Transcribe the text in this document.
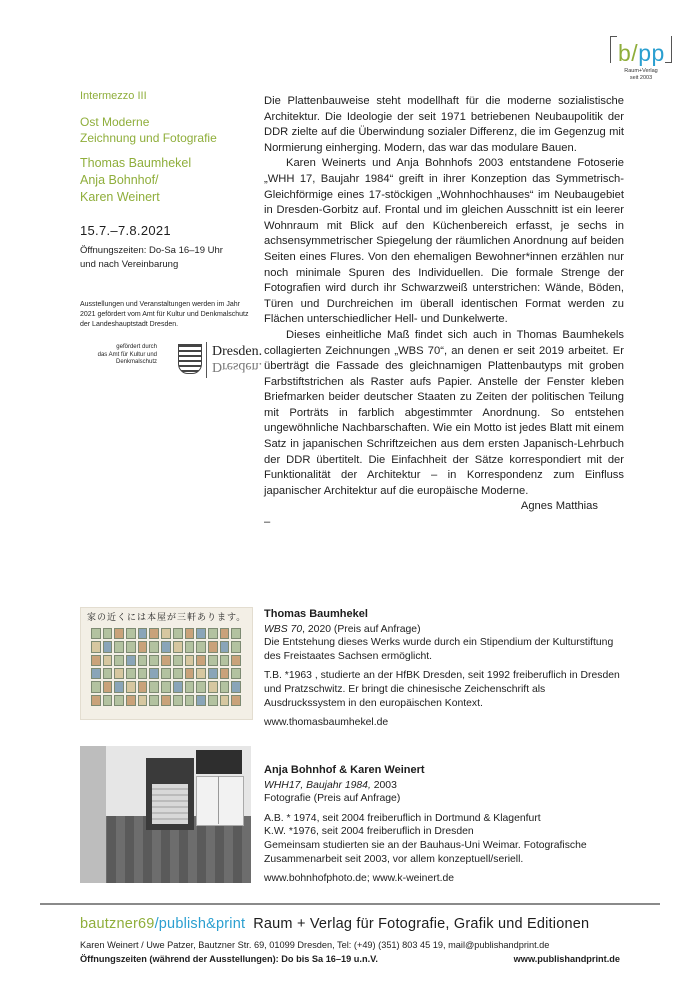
b/pp
Raum+Verlag
seit 2003
Intermezzo III
Ost Moderne
Zeichnung und Fotografie
Thomas Baumhekel
Anja Bohnhof/
Karen Weinert
15.7.–7.8.2021
Öffnungszeiten: Do-Sa 16–19 Uhr
und nach Vereinbarung
Ausstellungen und Veranstaltungen werden im Jahr 2021 gefördert vom Amt für Kultur und Denkmalschutz der Landeshauptstadt Dresden.
gefördert durch
das Amt für Kultur und
Denkmalschutz
Dresden.
Dresden.

Die Plattenbauweise steht modellhaft für die moderne sozialistische Architektur. Die Ideologie der seit 1971 betriebenen Neubaupolitik der DDR zielte auf die Überwindung sozialer Differenz, die im Gegenzug mit Normierung einherging. Modern, das war das modulare Bauen.

Karen Weinerts und Anja Bohnhofs 2003 entstandene Fotoserie „WHH 17, Baujahr 1984“ greift in ihrer Konzeption das Symmetrisch-Gleichförmige eines 17-stöckigen „Wohnhochhauses“ im Neubaugebiet in Dresden-Gorbitz auf. Frontal und im gleichen Ausschnitt ist ein leerer Wohnraum mit Blick auf den Küchenbereich erfasst, je sechs in achsensymmetrischer Spiegelung der räumlichen Anordnung auf beiden Seiten eines Flures. Von den ehemaligen Bewohner*innen erzählen nur noch minimale Spuren des Individuellen. Die formale Strenge der Fotografien wird durch ihr Schwarzweiß unterstrichen: Wände, Böden, Türen und Durchreichen im überall identischen Format werden zu Flächen unterschiedlicher Hell- und Dunkelwerte.

Dieses einheitliche Maß findet sich auch in Thomas Baumhekels collagierten Zeichnungen „WBS 70“, an denen er seit 2019 arbeitet. Er überträgt die Fassade des gleichnamigen Plattenbautyps mit groben Farbstiftstrichen als Raster aufs Papier. Anstelle der Fenster kleben Briefmarken beider deutscher Staaten zu Zeiten der politischen Teilung mit Porträts in farblich abgestimmter Anordnung. So entstehen ungewöhnliche Nachbarschaften. Wie ein Motto ist jedes Blatt mit einem Satz in japanischen Schriftzeichen aus dem ersten Japanisch-Lehrbuch der DDR übertitelt. Die Einfachheit der Sätze korrespondiert mit der Funktionalität der Architektur – in Korrespondenz zum Einfluss japanischer Architektur auf die europäische Moderne.

Agnes Matthias

–

家の近くには本屋が三軒あります。 Thomas Baumhekel

WBS 70, 2020 (Preis auf Anfrage)

Die Entstehung dieses Werks wurde durch ein Stipendium der Kulturstiftung des Freistaates Sachsen ermöglicht.

T.B. *1963 , studierte an der HfBK Dresden, seit 1992 freiberuflich in Dresden und Pratzschwitz. Er bringt die chinesische Zeichenschrift als Ausdruckssystem in den europäischen Kontext.

www.thomasbaumhekel.de

Anja Bohnhof & Karen Weinert

WHH17, Baujahr 1984, 2003

Fotografie (Preis auf Anfrage)

A.B. * 1974, seit 2004 freiberuflich in Dortmund & Klagenfurt

K.W. *1976, seit 2004 freiberuflich in Dresden

Gemeinsam studierten sie an der Bauhaus-Uni Weimar. Fotografische Zusammenarbeit seit 2003, vor allem konzeptuell/seriell.

www.bohnhofphoto.de; www.k-weinert.de

bautzner69/publish&print Raum + Verlag für Fotografie, Grafik und Editionen
Karen Weinert / Uwe Patzer, Bautzner Str. 69, 01099 Dresden, Tel: (+49) (351) 803 45 19, mail@publishandprint.de
Öffnungszeiten (während der Ausstellungen): Do bis Sa 16–19 u.n.V.	www.publishandprint.de
